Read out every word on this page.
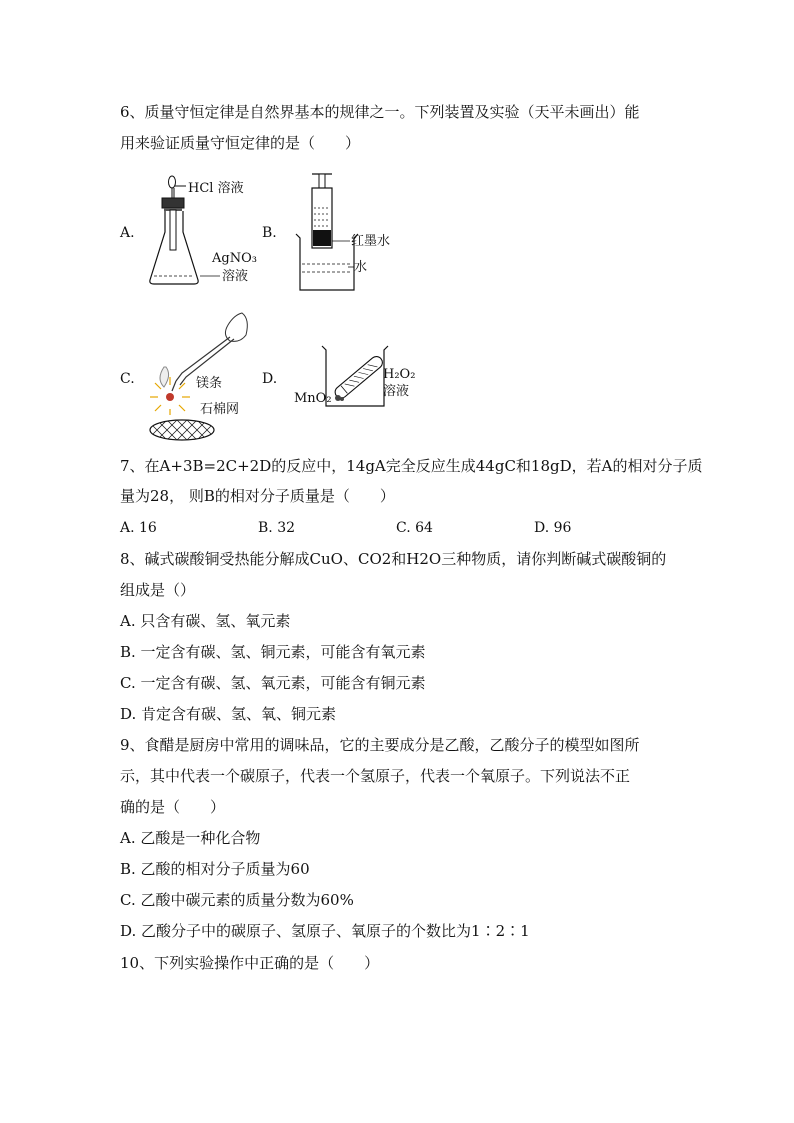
6、质量守恒定律是自然界基本的规律之一。下列装置及实验（天平未画出）能
用来验证质量守恒定律的是（　　）
A.
HCl 溶液
AgNO₃
溶液
B.
红墨水
水
C.	镁条
石棉网
D.	H₂O₂
溶液
MnO₂
7、在A+3B=2C+2D的反应中，14gA完全反应生成44gC和18gD，若A的相对分子质
量为28， 则B的相对分子质量是（　　）
A. 16	B. 32	C. 64	D. 96
8、碱式碳酸铜受热能分解成CuO、CO2和H2O三种物质，请你判断碱式碳酸铜的
组成是（）
A. 只含有碳、氢、氧元素
B. 一定含有碳、氢、铜元素，可能含有氧元素
C. 一定含有碳、氢、氧元素，可能含有铜元素
D. 肯定含有碳、氢、氧、铜元素
9、食醋是厨房中常用的调味品，它的主要成分是乙酸，乙酸分子的模型如图所
示，其中代表一个碳原子，代表一个氢原子，代表一个氧原子。下列说法不正
确的是（　　）
A. 乙酸是一种化合物
B. 乙酸的相对分子质量为60
C. 乙酸中碳元素的质量分数为60%
D. 乙酸分子中的碳原子、氢原子、氧原子的个数比为1∶2∶1
10、下列实验操作中正确的是（　　）
